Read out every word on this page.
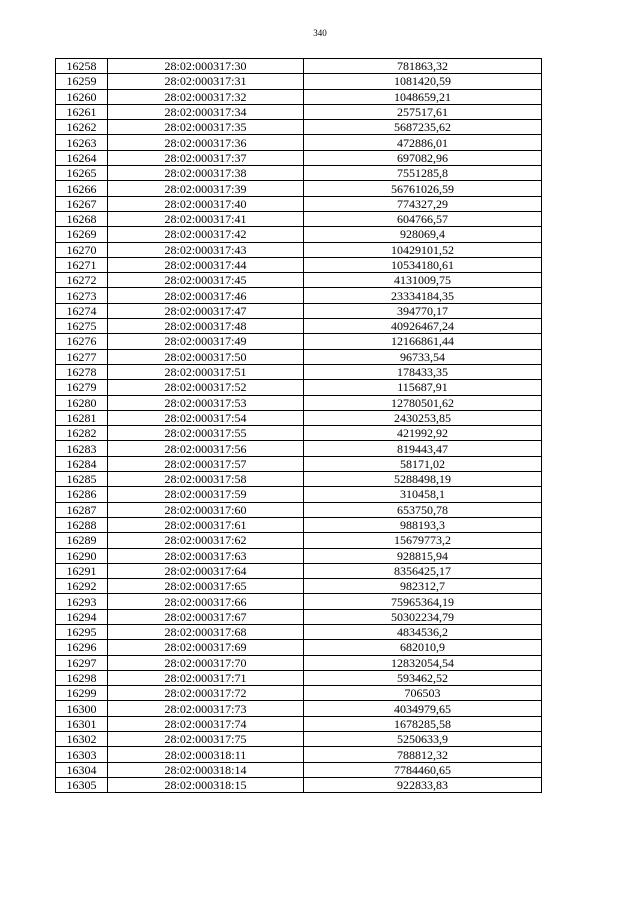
340
16258	28:02:000317:30	781863,32
16259	28:02:000317:31	1081420,59
16260	28:02:000317:32	1048659,21
16261	28:02:000317:34	257517,61
16262	28:02:000317:35	5687235,62
16263	28:02:000317:36	472886,01
16264	28:02:000317:37	697082,96
16265	28:02:000317:38	7551285,8
16266	28:02:000317:39	56761026,59
16267	28:02:000317:40	774327,29
16268	28:02:000317:41	604766,57
16269	28:02:000317:42	928069,4
16270	28:02:000317:43	10429101,52
16271	28:02:000317:44	10534180,61
16272	28:02:000317:45	4131009,75
16273	28:02:000317:46	23334184,35
16274	28:02:000317:47	394770,17
16275	28:02:000317:48	40926467,24
16276	28:02:000317:49	12166861,44
16277	28:02:000317:50	96733,54
16278	28:02:000317:51	178433,35
16279	28:02:000317:52	115687,91
16280	28:02:000317:53	12780501,62
16281	28:02:000317:54	2430253,85
16282	28:02:000317:55	421992,92
16283	28:02:000317:56	819443,47
16284	28:02:000317:57	58171,02
16285	28:02:000317:58	5288498,19
16286	28:02:000317:59	310458,1
16287	28:02:000317:60	653750,78
16288	28:02:000317:61	988193,3
16289	28:02:000317:62	15679773,2
16290	28:02:000317:63	928815,94
16291	28:02:000317:64	8356425,17
16292	28:02:000317:65	982312,7
16293	28:02:000317:66	75965364,19
16294	28:02:000317:67	50302234,79
16295	28:02:000317:68	4834536,2
16296	28:02:000317:69	682010,9
16297	28:02:000317:70	12832054,54
16298	28:02:000317:71	593462,52
16299	28:02:000317:72	706503
16300	28:02:000317:73	4034979,65
16301	28:02:000317:74	1678285,58
16302	28:02:000317:75	5250633,9
16303	28:02:000318:11	788812,32
16304	28:02:000318:14	7784460,65
16305	28:02:000318:15	922833,83
